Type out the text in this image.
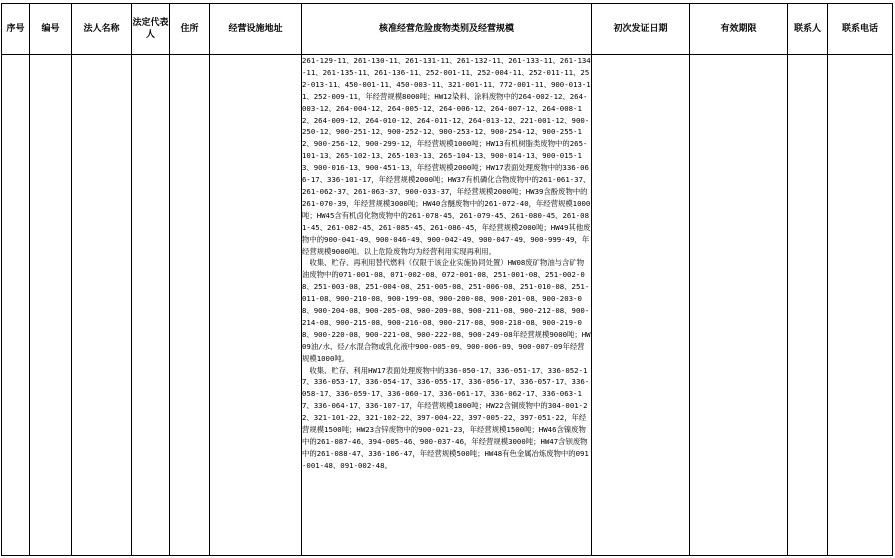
序号	编号	法人名称	法定代表人	住所	经营设施地址	核准经营危险废物类别及经营规模	初次发证日期	有效期限	联系人	联系电话

						261-129-11、261-130-11、261-131-11、261-132-11、261-133-11、261-134-11、261-135-11、261-136-11、252-001-11、252-004-11、252-011-11、252-013-11、450-001-11、450-003-11、321-001-11、772-001-11、900-013-11、252-009-11，年经营规模8000吨；HW12染料、涂料废物中的264-002-12、264-003-12、264-004-12、264-005-12、264-006-12、264-007-12、264-008-12、264-009-12、264-010-12、264-011-12、264-013-12、221-001-12、900-250-12、900-251-12、900-252-12、900-253-12、900-254-12、900-255-12、900-256-12、900-299-12，年经营规模1000吨；HW13有机树脂类废物中的265-101-13、265-102-13、265-103-13、265-104-13、900-014-13、900-015-13、900-016-13、900-451-13，年经营规模2000吨；HW17表面处理废物中的336-066-17、336-101-17，年经营规模2000吨；HW37有机磷化合物废物中的261-061-37、261-062-37、261-063-37、900-033-37，年经营规模2000吨；HW39含酚废物中的261-070-39，年经营规模3000吨；HW40含醚废物中的261-072-40，年经营规模1000吨；HW45含有机卤化物废物中的261-078-45、261-079-45、261-080-45、261-081-45、261-082-45、261-085-45、261-086-45，年经营规模2000吨；HW49其他废物中的900-041-49、900-046-49、900-042-49、900-047-49、900-999-49，年经营规模9000吨。以上危险废物均为经营利用实现再利用。

　收集、贮存、再利用替代燃料（仅限于该企业实施协同处置）HW08废矿物油与含矿物油废物中的071-001-08、071-002-08、072-001-08、251-001-08、251-002-08、251-003-08、251-004-08、251-005-08、251-006-08、251-010-08、251-011-08、900-210-08、900-199-08、900-200-08、900-201-08、900-203-08、900-204-08、900-205-08、900-209-08、900-211-08、900-212-08、900-214-08、900-215-08、900-216-08、900-217-08、900-218-08、900-219-08、900-220-08、900-221-08、900-222-08、900-249-08年经营规模9000吨；HW09油/水、烃/水混合物或乳化液中900-005-09、900-006-09、900-007-09年经营规模1000吨。

　收集、贮存、利用HW17表面处理废物中的336-050-17、336-051-17、336-052-17、336-053-17、336-054-17、336-055-17、336-056-17、336-057-17、336-058-17、336-059-17、336-060-17、336-061-17、336-062-17、336-063-17、336-064-17、336-107-17，年经营规模1800吨；HW22含铜废物中的304-001-22、321-101-22、321-102-22、397-004-22、397-005-22、397-051-22，年经营规模1500吨；HW23含锌废物中的900-021-23，年经营规模1500吨；HW46含镍废物中的261-087-46、394-005-46、900-037-46，年经营规模3000吨；HW47含钡废物中的261-088-47、336-106-47，年经营规模500吨；HW48有色金属冶炼废物中的091-001-48、091-002-48。				
